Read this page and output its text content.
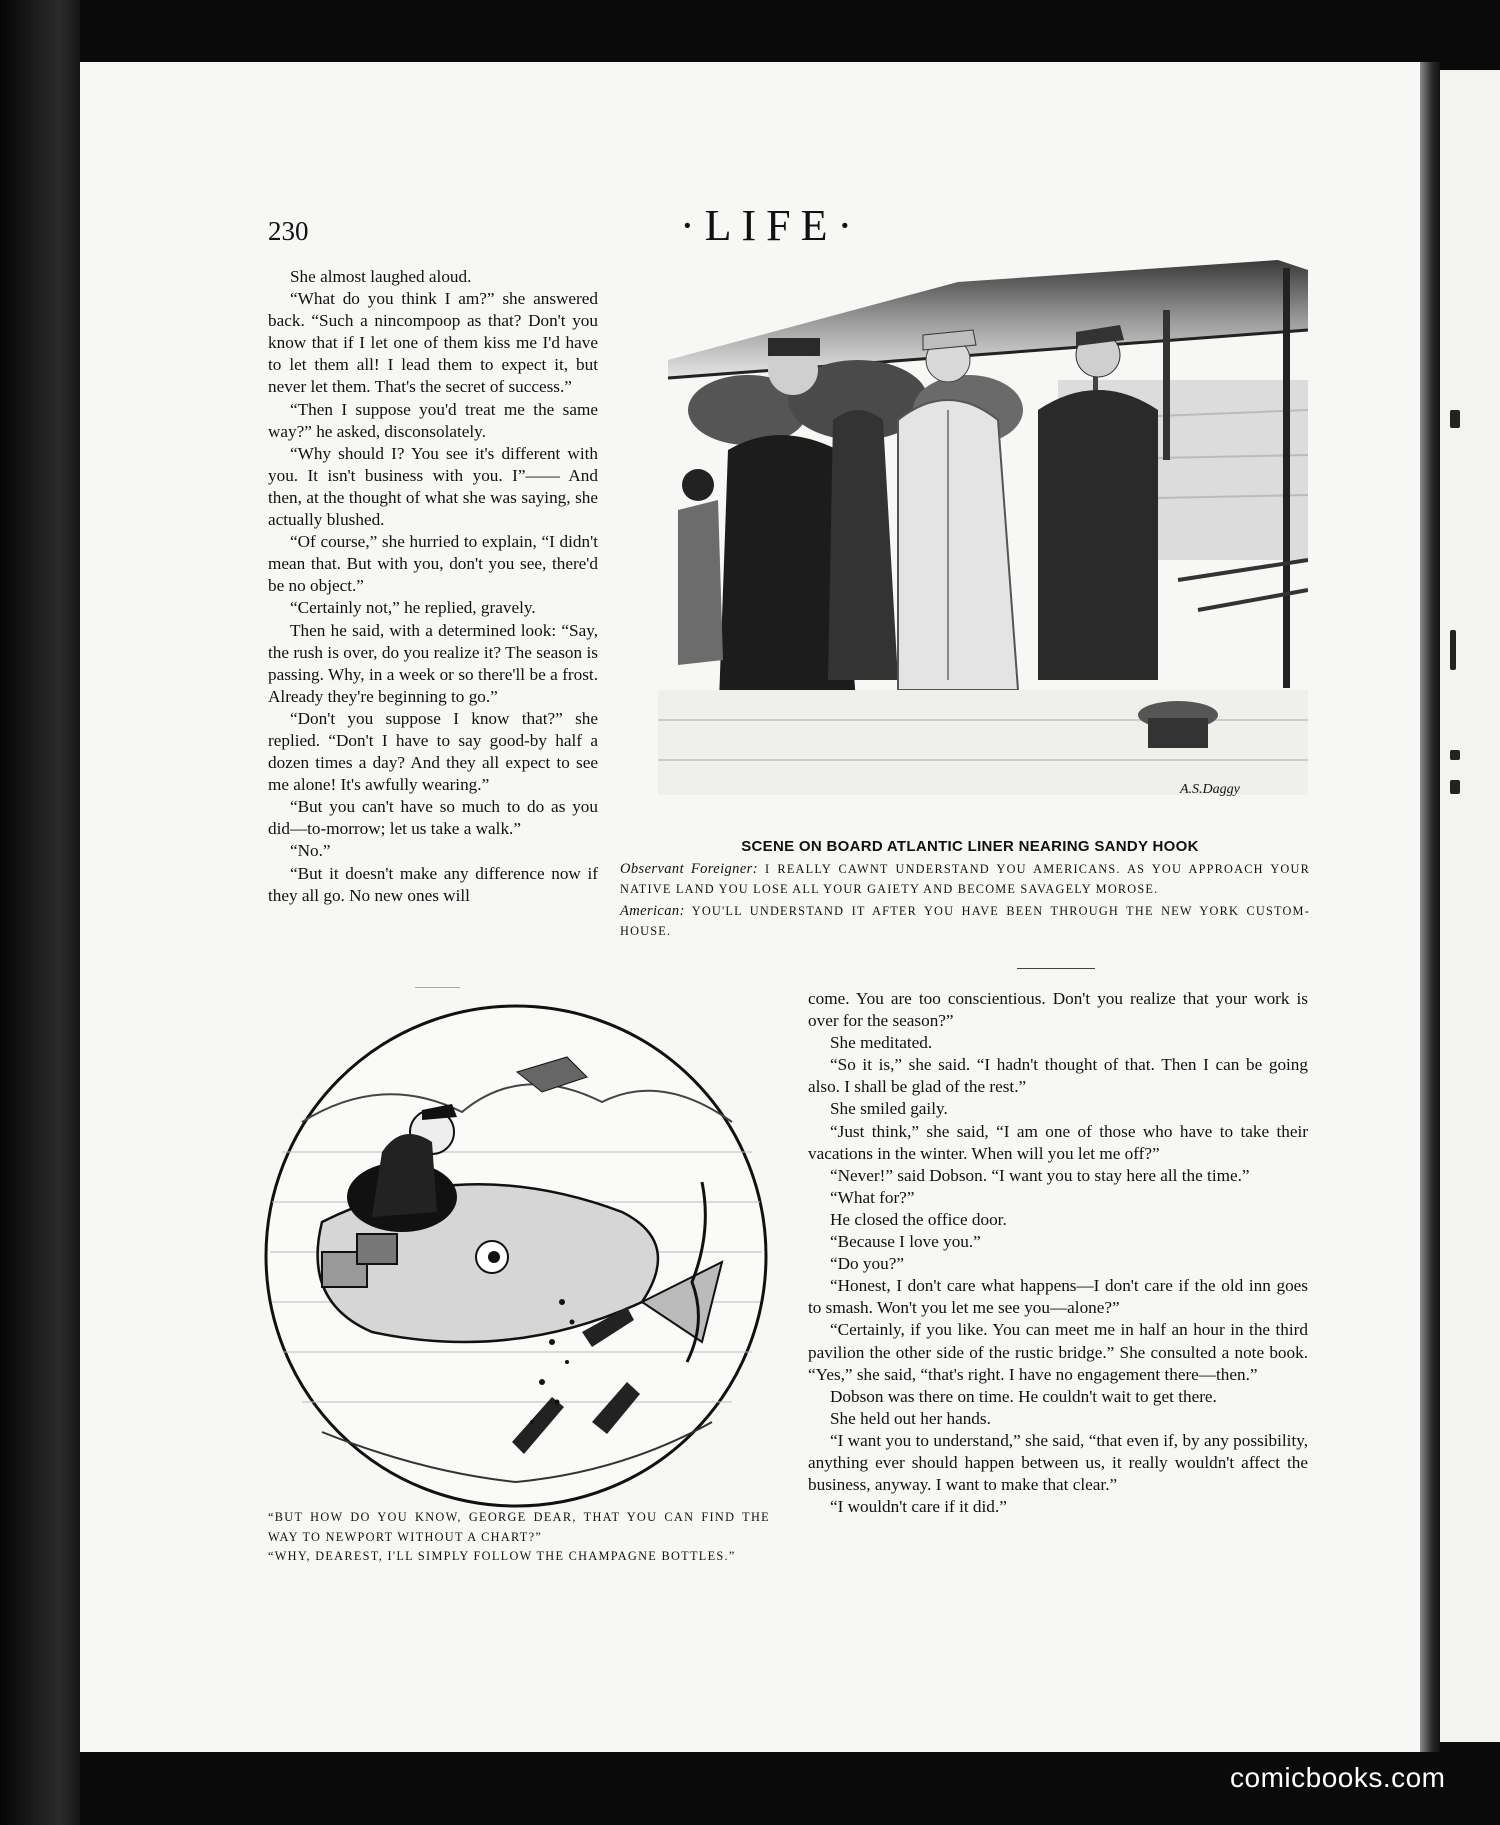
230	·LIFE·

She almost laughed aloud.

“What do you think I am?” she answered back. “Such a nincompoop as that? Don't you know that if I let one of them kiss me I'd have to let them all! I lead them to expect it, but never let them. That's the secret of success.”

“Then I suppose you'd treat me the same way?” he asked, disconsolately.

“Why should I? You see it's different with you. It isn't business with you. I”—— And then, at the thought of what she was saying, she actually blushed.

“Of course,” she hurried to explain, “I didn't mean that. But with you, don't you see, there'd be no object.”

“Certainly not,” he replied, gravely.

Then he said, with a determined look: “Say, the rush is over, do you realize it? The season is passing. Why, in a week or so there'll be a frost. Already they're beginning to go.”

“Don't you suppose I know that?” she replied. “Don't I have to say good-by half a dozen times a day? And they all expect to see me alone! It's awfully wearing.”

“But you can't have so much to do as you did—to-morrow; let us take a walk.”

“No.”

“But it doesn't make any difference now if they all go. No new ones will

A.S.Daggy
SCENE ON BOARD ATLANTIC LINER NEARING SANDY HOOK

Observant Foreigner: I REALLY CAWNT UNDERSTAND YOU AMERICANS. AS YOU APPROACH YOUR NATIVE LAND YOU LOSE ALL YOUR GAIETY AND BECOME SAVAGELY MOROSE.

American: YOU'LL UNDERSTAND IT AFTER YOU HAVE BEEN THROUGH THE NEW YORK CUSTOM-HOUSE.

“BUT HOW DO YOU KNOW, GEORGE DEAR, THAT YOU CAN FIND THE WAY TO NEWPORT WITHOUT A CHART?”

“WHY, DEAREST, I'LL SIMPLY FOLLOW THE CHAMPAGNE BOTTLES.”

come. You are too conscientious. Don't you realize that your work is over for the season?”

She meditated.

“So it is,” she said. “I hadn't thought of that. Then I can be going also. I shall be glad of the rest.”

She smiled gaily.

“Just think,” she said, “I am one of those who have to take their vacations in the winter. When will you let me off?”

“Never!” said Dobson. “I want you to stay here all the time.”

“What for?”

He closed the office door.

“Because I love you.”

“Do you?”

“Honest, I don't care what happens—I don't care if the old inn goes to smash. Won't you let me see you—alone?”

“Certainly, if you like. You can meet me in half an hour in the third pavilion the other side of the rustic bridge.” She consulted a note book. “Yes,” she said, “that's right. I have no engagement there—then.”

Dobson was there on time. He couldn't wait to get there.

She held out her hands.

“I want you to understand,” she said, “that even if, by any possibility, anything ever should happen between us, it really wouldn't affect the business, anyway. I want to make that clear.”

“I wouldn't care if it did.”

comicbooks.com
